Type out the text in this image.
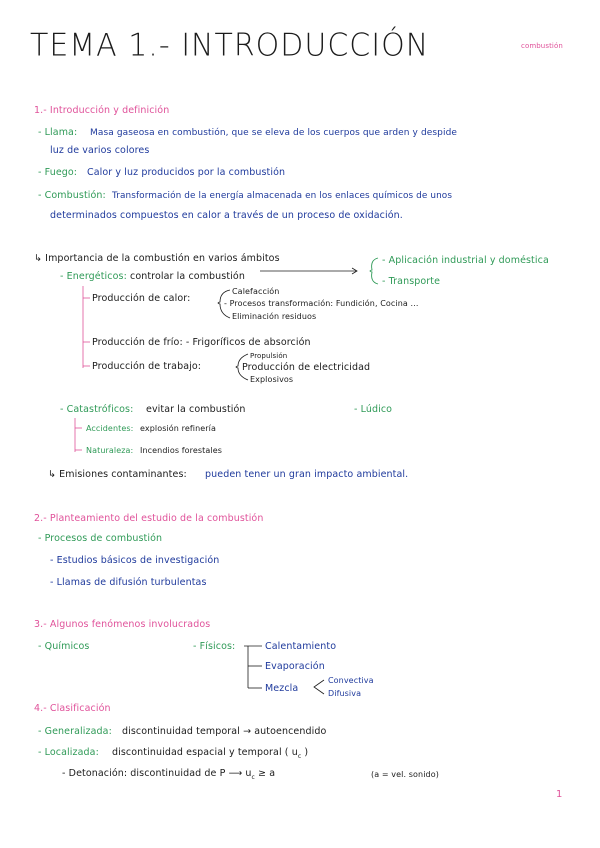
combustión
TEMA 1.- INTRODUCCIÓN
1.- Introducción y definición
- Llama: Masa gaseosa en combustión, que se eleva de los cuerpos que arden y despide
luz de varios colores
- Fuego: Calor y luz producidos por la combustión
- Combustión: Transformación de la energía almacenada en los enlaces químicos de unos
determinados compuestos en calor a través de un proceso de oxidación.
↳ Importancia de la combustión en varios ámbitos
- Energéticos: controlar la combustión
- Aplicación industrial y doméstica
- Transporte
Producción de calor:
Calefacción
- Procesos transformación: Fundición, Cocina ...
Eliminación residuos
Producción de frío: - Frigoríficos de absorción
Producción de trabajo:
Propulsión
Producción de electricidad
Explosivos
- Catastróficos: evitar la combustión	- Lúdico
Accidentes: explosión refinería
Naturaleza: Incendios forestales
↳ Emisiones contaminantes: pueden tener un gran impacto ambiental.
2.- Planteamiento del estudio de la combustión
- Procesos de combustión
- Estudios básicos de investigación
- Llamas de difusión turbulentas
3.- Algunos fenómenos involucrados
- Químicos	- Físicos:	Calentamiento
Evaporación
Mezcla
Convectiva
Difusiva
4.- Clasificación
- Generalizada: discontinuidad temporal → autoencendido
- Localizada: discontinuidad espacial y temporal ( $u_c$ )
- Detonación: discontinuidad de P ⟶ $u_c \ge a$	(a = vel. sonido)
1
